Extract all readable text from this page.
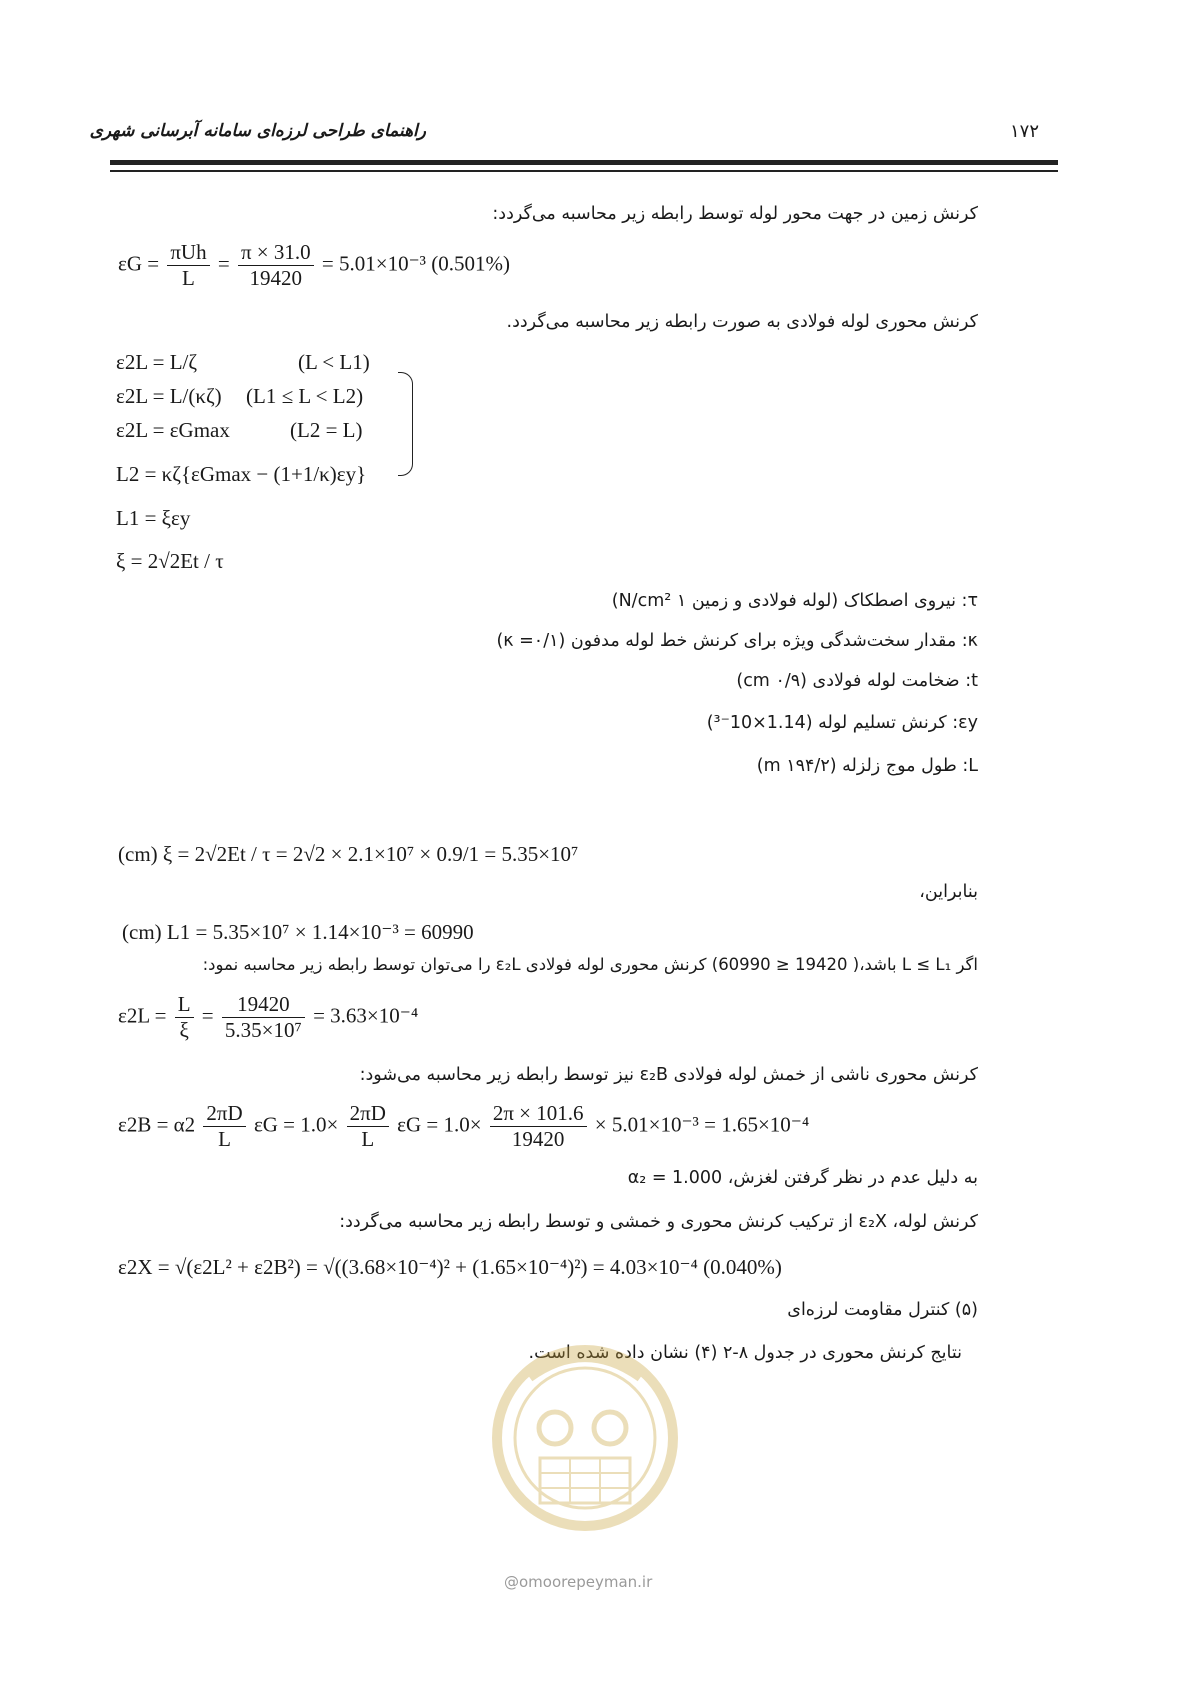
راهنمای طراحی لرزه‌ای سامانه آبرسانی شهری	۱۷۲
کرنش زمین در جهت محور لوله توسط رابطه زیر محاسبه می‌گردد:
$\varepsilon G = \frac{\text{πUh}}{L} = \frac{\pi \times 31.0}{19420} = 5.01\times 10^{-3}$ (0.501%)
کرنش محوری لوله فولادی به صورت رابطه زیر محاسبه می‌گردد.
ε2L = L/ζ	(L < L1)
ε2L = L/(κζ) (L1 ≤ L < L2)
ε2L = εGmax	(L2 = L)
L2 = κζ{εGmax − (1+1/κ)εy}
L1 = ξεy
ξ = 2√2Et / τ
τ: نیروی اصطکاک (لوله فولادی و زمین ۱ N/cm²)
κ: مقدار سخت‌شدگی ویژه برای کرنش خط لوله مدفون (κ =۰/۱)
t: ضخامت لوله فولادی (۰/۹ cm)
εy: کرنش تسلیم لوله (1.14×10⁻³)
L: طول موج زلزله (۱۹۴/۲ m)
(cm) ξ = 2√2Et / τ = 2√2 × 2.1×10⁷ × 0.9/1 = 5.35×10⁷
بنابراین،
(cm) L1 = 5.35×10⁷ × 1.14×10⁻³ = 60990
اگر L ≤ L₁ باشد،( 19420 ≤ 60990) کرنش محوری لوله فولادی ε₂L را می‌توان توسط رابطه زیر محاسبه نمود:
$\varepsilon 2L = \frac{L}{\xi} = \frac{19420}{\text{5.35×10⁷}} = 3.63\times 10^{-4}$
کرنش محوری ناشی از خمش لوله فولادی ε₂B نیز توسط رابطه زیر محاسبه می‌شود:
$\varepsilon 2B = \alpha 2 \frac{2\pi D}{L}$ $\varepsilon G = 1.0\times \frac{2\pi D}{L}$ $\varepsilon G = 1.0\times \frac{2\pi \times 101.6}{19420} \times 5.01\times 10^{-3} = 1.65\times 10^{-4}$
به دلیل عدم در نظر گرفتن لغزش، α₂ = 1.000
کرنش لوله، ε₂X از ترکیب کرنش محوری و خمشی و توسط رابطه زیر محاسبه می‌گردد:
ε2X = √(ε2L² + ε2B²) = √((3.68×10⁻⁴)² + (1.65×10⁻⁴)²) = 4.03×10⁻⁴ (0.040%)
(۵) کنترل مقاومت لرزه‌ای
نتایج کرنش محوری در جدول ۸-۲ (۴) نشان داده شده است.
@omoorepeyman.ir
